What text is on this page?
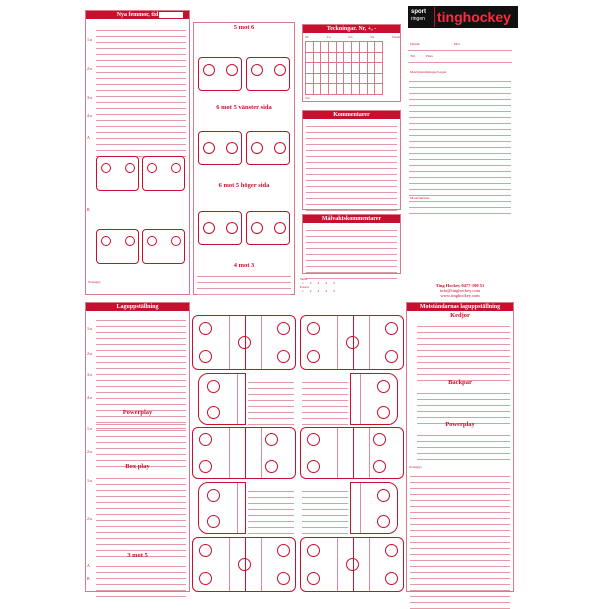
Nya femmor, tid
1:a
2:a
3:a
4:a
A
B
Svensjgs
5 mot 6
6 mot 5 vänster sida
6 mot 5 höger sida
4 mot 3
Teckningar. Nr, +, -
Nr	1:a	2:a	3:e	Totalt

Tot
Kommentarer
Målvaktskommentarer
Skott
1 2 3 4 5
Passar
1 2 3 4 5
sport
ringen tinghockey
Datum	Mot
Tid	Plats
Matchinstallningar/Lagen
Motståndarna
Ting Hockey 0477-190 51
info@tinghockey.com
www.tinghockey.com
Laguppställning
1:a
2:a
3:a
4:a
Powerplay
1:a
2:a
Box play
1:a
2:a
3 mot 5
A
B
Motståndarnas laguppställning
Kedjor
Backpar
Powerplay
Svensjgs
